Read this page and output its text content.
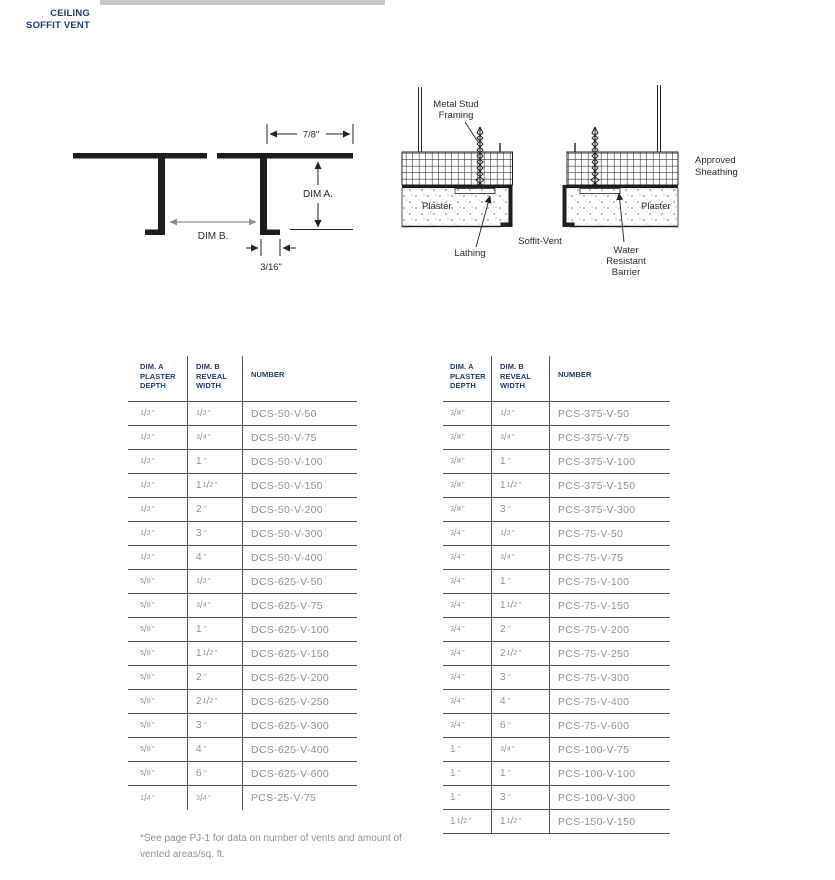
CEILING
SOFFIT VENT
7/8"
DIM A.
DIM B.
3/16"
Metal Stud
Framing
Approved
Sheathing
Plaster	Plaster
Soffit-Vent
Lathing	Water
Resistant
Barrier
DIM. A
PLASTER
DEPTH
DIM. B
REVEAL
WIDTH
NUMBER
1 / 2 "	1 / 2 "	DCS-50-V-50
1 / 2 "	3 / 4 "	DCS-50-V-75
1 / 2 "	1 "	DCS-50-V-100
1 / 2 "	1 1 / 2 "	DCS-50-V-150
1 / 2 "	2 "	DCS-50-V-200
1 / 2 "	3 "	DCS-50-V-300
1 / 2 "	4 "	DCS-50-V-400
5 / 8 "	1 / 2 "	DCS-625-V-50
5 / 8 "	3 / 4 "	DCS-625-V-75
5 / 8 "	1 "	DCS-625-V-100
5 / 8 "	1 1 / 2 "	DCS-625-V-150
5 / 8 "	2 "	DCS-625-V-200
5 / 8 "	2 1 / 2 "	DCS-625-V-250
5 / 8 "	3 "	DCS-625-V-300
5 / 8 "	4 "	DCS-625-V-400
5 / 8 "	6 "	DCS-625-V-600
1 / 4 "	3 / 4 "	PCS-25-V-75
DIM. A
PLASTER
DEPTH
DIM. B
REVEAL
WIDTH
NUMBER
3 / 8 "	1 / 2 "	PCS-375-V-50
3 / 8 "	3 / 4 "	PCS-375-V-75
3 / 8 "	1 "	PCS-375-V-100
3 / 8 "	1 1 / 2 "	PCS-375-V-150
3 / 8 "	3 "	PCS-375-V-300
3 / 4 "	1 / 2 "	PCS-75-V-50
3 / 4 "	3 / 4 "	PCS-75-V-75
3 / 4 "	1 "	PCS-75-V-100
3 / 4 "	1 1 / 2 "	PCS-75-V-150
3 / 4 "	2 "	PCS-75-V-200
3 / 4 "	2 1 / 2 "	PCS-75-V-250
3 / 4 "	3 "	PCS-75-V-300
3 / 4 "	4 "	PCS-75-V-400
3 / 4 "	6 "	PCS-75-V-600
1 "	3 / 4 "	PCS-100-V-75
1 "	1 "	PCS-100-V-100
1 "	3 "	PCS-100-V-300
1 1 / 2 "	1 1 / 2 "	PCS-150-V-150
*See page PJ-1 for data on number of vents and amount of
vented areas/sq. ft.
